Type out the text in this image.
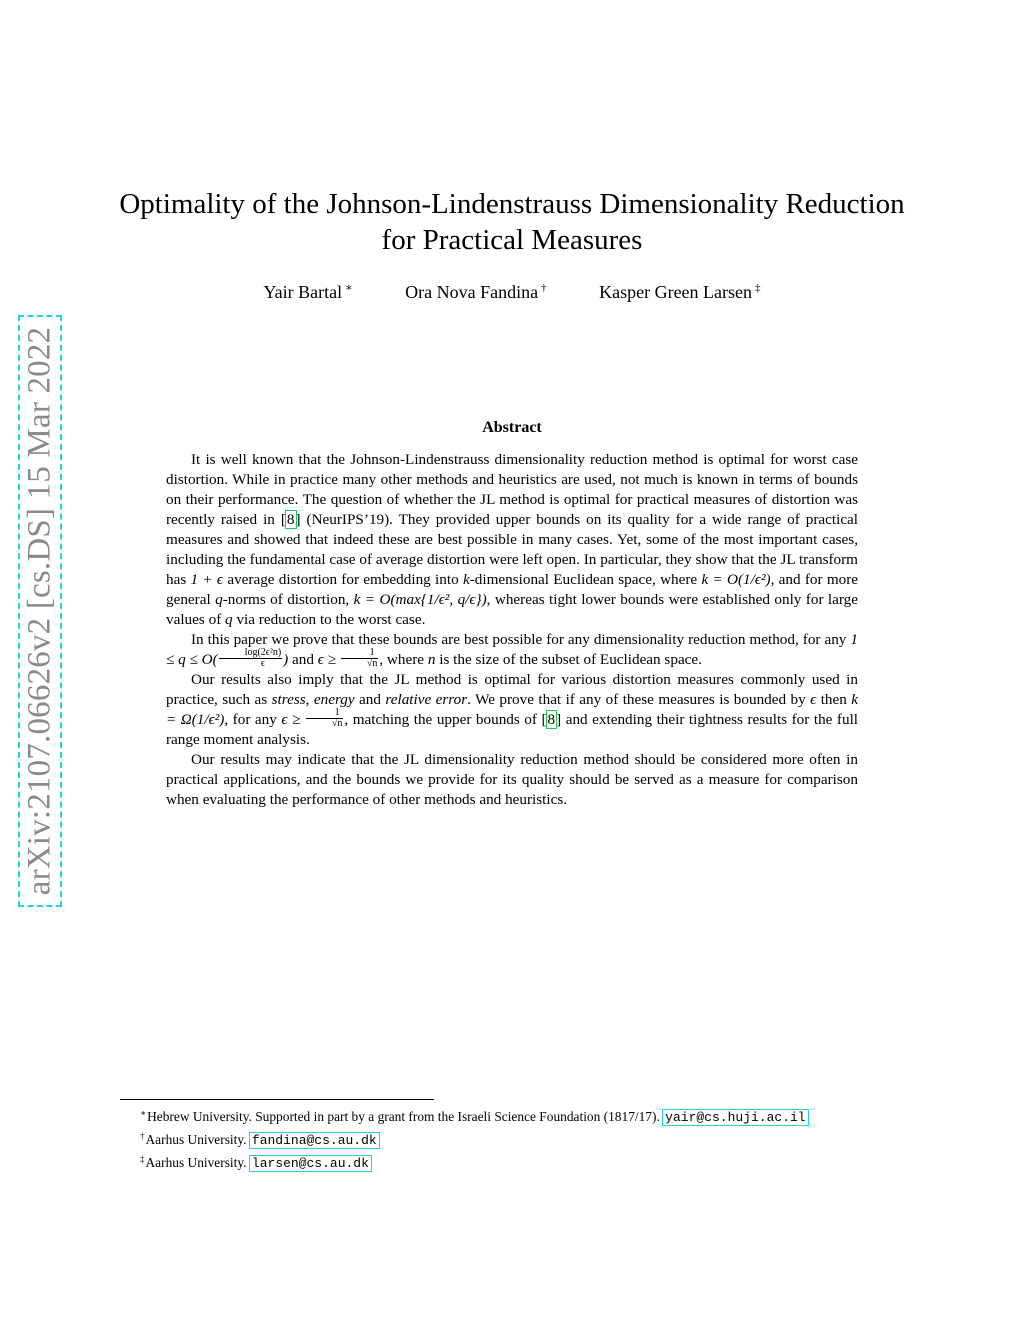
arXiv:2107.06626v2 [cs.DS] 15 Mar 2022
Optimality of the Johnson-Lindenstrauss Dimensionality Reduction
for Practical Measures
Yair Bartal ∗	Ora Nova Fandina †	Kasper Green Larsen ‡
Abstract

It is well known that the Johnson-Lindenstrauss dimensionality reduction method is optimal for worst case distortion. While in practice many other methods and heuristics are used, not much is known in terms of bounds on their performance. The question of whether the JL method is optimal for practical measures of distortion was recently raised in [8] (NeurIPS’19). They provided upper bounds on its quality for a wide range of practical measures and showed that indeed these are best possible in many cases. Yet, some of the most important cases, including the fundamental case of average distortion were left open. In particular, they show that the JL transform has 1 + ϵ average distortion for embedding into k-dimensional Euclidean space, where k = O(1/ϵ²), and for more general q-norms of distortion, k = O(max{1/ϵ², q/ϵ}), whereas tight lower bounds were established only for large values of q via reduction to the worst case.

In this paper we prove that these bounds are best possible for any dimensionality reduction method, for any $1 \le q \le O( \frac{\text{log(2ϵ²n)}}{\epsilon}$ ) and $\epsilon \ge \frac{1}{√n}$ , where n is the size of the subset of Euclidean space.

Our results also imply that the JL method is optimal for various distortion measures commonly used in practice, such as stress, energy and relative error. We prove that if any of these measures is bounded by ϵ then k = Ω(1/ϵ²), for any $\epsilon \ge \frac{1}{√n}$ , matching the upper bounds of [8] and extending their tightness results for the full range moment analysis.

Our results may indicate that the JL dimensionality reduction method should be considered more often in practical applications, and the bounds we provide for its quality should be served as a measure for comparison when evaluating the performance of other methods and heuristics.

∗Hebrew University. Supported in part by a grant from the Israeli Science Foundation (1817/17). yair@cs.huji.ac.il
†Aarhus University. fandina@cs.au.dk
‡Aarhus University. larsen@cs.au.dk
